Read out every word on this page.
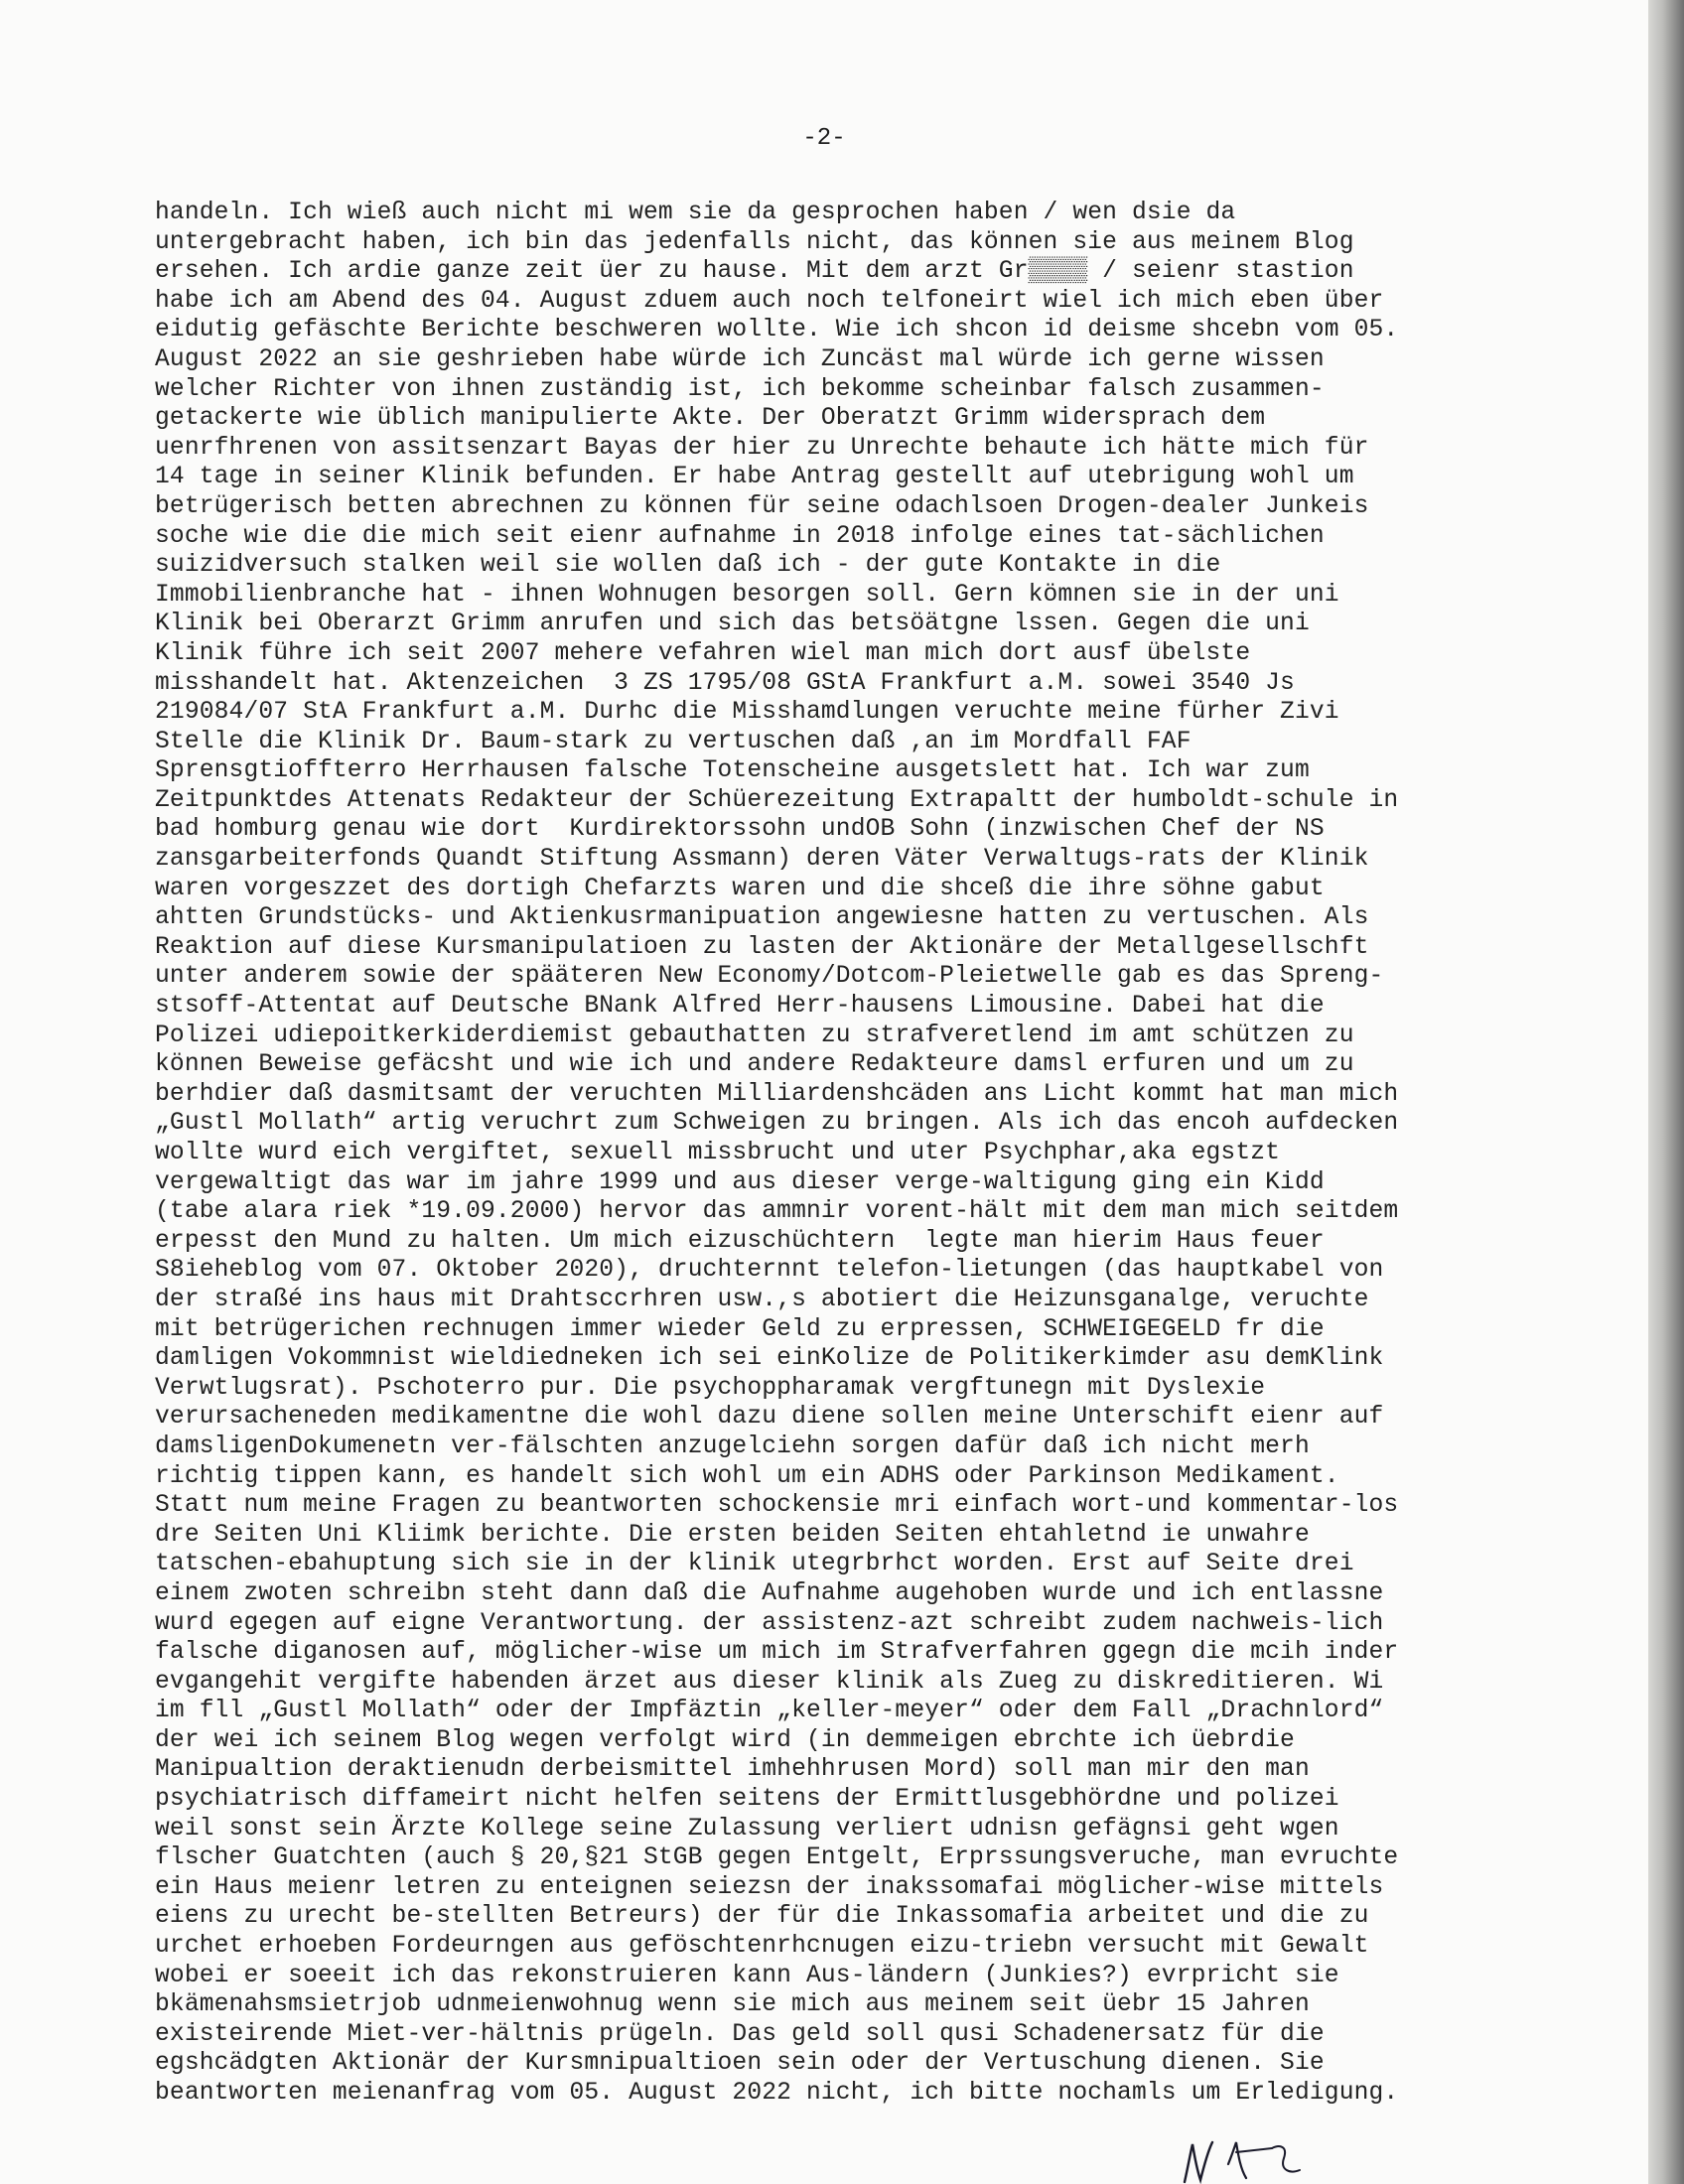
-2-
handeln. Ich wieß auch nicht mi wem sie da gesprochen haben / wen dsie da
untergebracht haben, ich bin das jedenfalls nicht, das können sie aus meinem Blog
ersehen. Ich ardie ganze zeit üer zu hause. Mit dem arzt Gr▒▒▒▒ / seienr stastion
habe ich am Abend des 04. August zduem auch noch telfoneirt wiel ich mich eben über
eidutig gefäschte Berichte beschweren wollte. Wie ich shcon id deisme shcebn vom 05.
August 2022 an sie geshrieben habe würde ich Zuncäst mal würde ich gerne wissen
welcher Richter von ihnen zuständig ist, ich bekomme scheinbar falsch zusammen-
getackerte wie üblich manipulierte Akte. Der Oberatzt Grimm widersprach dem
uenrfhrenen von assitsenzart Bayas der hier zu Unrechte behaute ich hätte mich für
14 tage in seiner Klinik befunden. Er habe Antrag gestellt auf utebrigung wohl um
betrügerisch betten abrechnen zu können für seine odachlsoen Drogen-dealer Junkeis
soche wie die die mich seit eienr aufnahme in 2018 infolge eines tat-sächlichen
suizidversuch stalken weil sie wollen daß ich - der gute Kontakte in die
Immobilienbranche hat - ihnen Wohnugen besorgen soll. Gern kömnen sie in der uni
Klinik bei Oberarzt Grimm anrufen und sich das betsöätgne lssen. Gegen die uni
Klinik führe ich seit 2007 mehere vefahren wiel man mich dort ausf übelste
misshandelt hat. Aktenzeichen  3 ZS 1795/08 GStA Frankfurt a.M. sowei 3540 Js
219084/07 StA Frankfurt a.M. Durhc die Misshamdlungen veruchte meine fürher Zivi
Stelle die Klinik Dr. Baum-stark zu vertuschen daß ,an im Mordfall FAF
Sprensgtioffterro Herrhausen falsche Totenscheine ausgetslett hat. Ich war zum
Zeitpunktdes Attenats Redakteur der Schüerezeitung Extrapaltt der humboldt-schule in
bad homburg genau wie dort  Kurdirektorssohn undOB Sohn (inzwischen Chef der NS
zansgarbeiterfonds Quandt Stiftung Assmann) deren Väter Verwaltugs-rats der Klinik
waren vorgeszzet des dortigh Chefarzts waren und die shceß die ihre söhne gabut
ahtten Grundstücks- und Aktienkusrmanipuation angewiesne hatten zu vertuschen. Als
Reaktion auf diese Kursmanipulatioen zu lasten der Aktionäre der Metallgesellschft
unter anderem sowie der spääteren New Economy/Dotcom-Pleietwelle gab es das Spreng-
stsoff-Attentat auf Deutsche BNank Alfred Herr-hausens Limousine. Dabei hat die
Polizei udiepoitkerkiderdiemist gebauthatten zu strafveretlend im amt schützen zu
können Beweise gefäcsht und wie ich und andere Redakteure damsl erfuren und um zu
berhdier daß dasmitsamt der veruchten Milliardenshcäden ans Licht kommt hat man mich
„Gustl Mollath“ artig veruchrt zum Schweigen zu bringen. Als ich das encoh aufdecken
wollte wurd eich vergiftet, sexuell missbrucht und uter Psychphar,aka egstzt
vergewaltigt das war im jahre 1999 und aus dieser verge-waltigung ging ein Kidd
(tabe alara riek *19.09.2000) hervor das ammnir vorent-hält mit dem man mich seitdem
erpesst den Mund zu halten. Um mich eizuschüchtern  legte man hierim Haus feuer
S8ieheblog vom 07. Oktober 2020), druchternnt telefon-lietungen (das hauptkabel von
der straßé ins haus mit Drahtsccrhren usw.,s abotiert die Heizunsganalge, veruchte
mit betrügerichen rechnugen immer wieder Geld zu erpressen, SCHWEIGEGELD fr die
damligen Vokommnist wieldiedneken ich sei einKolize de Politikerkimder asu demKlink
Verwtlugsrat). Pschoterro pur. Die psychoppharamak vergftunegn mit Dyslexie
verursacheneden medikamentne die wohl dazu diene sollen meine Unterschift eienr auf
damsligenDokumenetn ver-fälschten anzugelciehn sorgen dafür daß ich nicht merh
richtig tippen kann, es handelt sich wohl um ein ADHS oder Parkinson Medikament.
Statt num meine Fragen zu beantworten schockensie mri einfach wort-und kommentar-los
dre Seiten Uni Kliimk berichte. Die ersten beiden Seiten ehtahletnd ie unwahre
tatschen-ebahuptung sich sie in der klinik utegrbrhct worden. Erst auf Seite drei
einem zwoten schreibn steht dann daß die Aufnahme augehoben wurde und ich entlassne
wurd egegen auf eigne Verantwortung. der assistenz-azt schreibt zudem nachweis-lich
falsche diganosen auf, möglicher-wise um mich im Strafverfahren ggegn die mcih inder
evgangehit vergifte habenden ärzet aus dieser klinik als Zueg zu diskreditieren. Wi
im fll „Gustl Mollath“ oder der Impfäztin „keller-meyer“ oder dem Fall „Drachnlord“
der wei ich seinem Blog wegen verfolgt wird (in demmeigen ebrchte ich üebrdie
Manipualtion deraktienudn derbeismittel imhehhrusen Mord) soll man mir den man
psychiatrisch diffameirt nicht helfen seitens der Ermittlusgebhördne und polizei
weil sonst sein Ärzte Kollege seine Zulassung verliert udnisn gefägnsi geht wgen
flscher Guatchten (auch § 20,§21 StGB gegen Entgelt, Erprssungsveruche, man evruchte
ein Haus meienr letren zu enteignen seiezsn der inakssomafai möglicher-wise mittels
eiens zu urecht be-stellten Betreurs) der für die Inkassomafia arbeitet und die zu
urchet erhoeben Fordeurngen aus geföschtenrhcnugen eizu-triebn versucht mit Gewalt
wobei er soeeit ich das rekonstruieren kann Aus-ländern (Junkies?) evrpricht sie
bkämenahsmsietrjob udnmeienwohnug wenn sie mich aus meinem seit üebr 15 Jahren
existeirende Miet-ver-hältnis prügeln. Das geld soll qusi Schadenersatz für die
egshcädgten Aktionär der Kursmnipualtioen sein oder der Vertuschung dienen. Sie
beantworten meienanfrag vom 05. August 2022 nicht, ich bitte nochamls um Erledigung.
